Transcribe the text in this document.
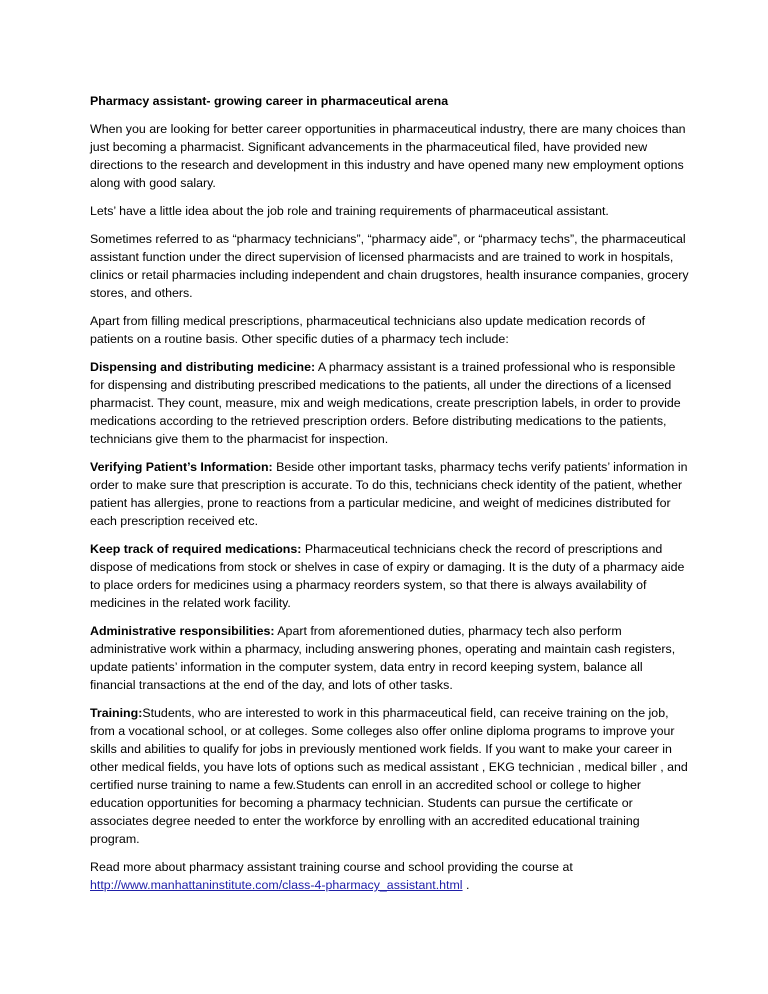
Pharmacy assistant- growing career in pharmaceutical arena

When you are looking for better career opportunities in pharmaceutical industry, there are many choices than just becoming a pharmacist. Significant advancements in the pharmaceutical filed, have provided new directions to the research and development in this industry and have opened many new employment options along with good salary.

Lets’ have a little idea about the job role and training requirements of pharmaceutical assistant.

Sometimes referred to as “pharmacy technicians”, “pharmacy aide”, or “pharmacy techs”, the pharmaceutical assistant function under the direct supervision of licensed pharmacists and are trained to work in hospitals, clinics or retail pharmacies including independent and chain drugstores, health insurance companies, grocery stores, and others.

Apart from filling medical prescriptions, pharmaceutical technicians also update medication records of patients on a routine basis. Other specific duties of a pharmacy tech include:

Dispensing and distributing medicine: A pharmacy assistant is a trained professional who is responsible for dispensing and distributing prescribed medications to the patients, all under the directions of a licensed pharmacist. They count, measure, mix and weigh medications, create prescription labels, in order to provide medications according to the retrieved prescription orders. Before distributing medications to the patients, technicians give them to the pharmacist for inspection.

Verifying Patient’s Information: Beside other important tasks, pharmacy techs verify patients’ information in order to make sure that prescription is accurate. To do this, technicians check identity of the patient, whether patient has allergies, prone to reactions from a particular medicine, and weight of medicines distributed for each prescription received etc.

Keep track of required medications: Pharmaceutical technicians check the record of prescriptions and dispose of medications from stock or shelves in case of expiry or damaging. It is the duty of a pharmacy aide to place orders for medicines using a pharmacy reorders system, so that there is always availability of medicines in the related work facility.

Administrative responsibilities: Apart from aforementioned duties, pharmacy tech also perform administrative work within a pharmacy, including answering phones, operating and maintain cash registers, update patients’ information in the computer system, data entry in record keeping system, balance all financial transactions at the end of the day, and lots of other tasks.

Training:Students, who are interested to work in this pharmaceutical field, can receive training on the job, from a vocational school, or at colleges. Some colleges also offer online diploma programs to improve your skills and abilities to qualify for jobs in previously mentioned work fields. If you want to make your career in other medical fields, you have lots of options such as medical assistant , EKG technician , medical biller , and certified nurse training to name a few.Students can enroll in an accredited school or college to higher education opportunities for becoming a pharmacy technician. Students can pursue the certificate or associates degree needed to enter the workforce by enrolling with an accredited educational training program.

Read more about pharmacy assistant training course and school providing the course at
http://www.manhattaninstitute.com/class-4-pharmacy_assistant.html .
